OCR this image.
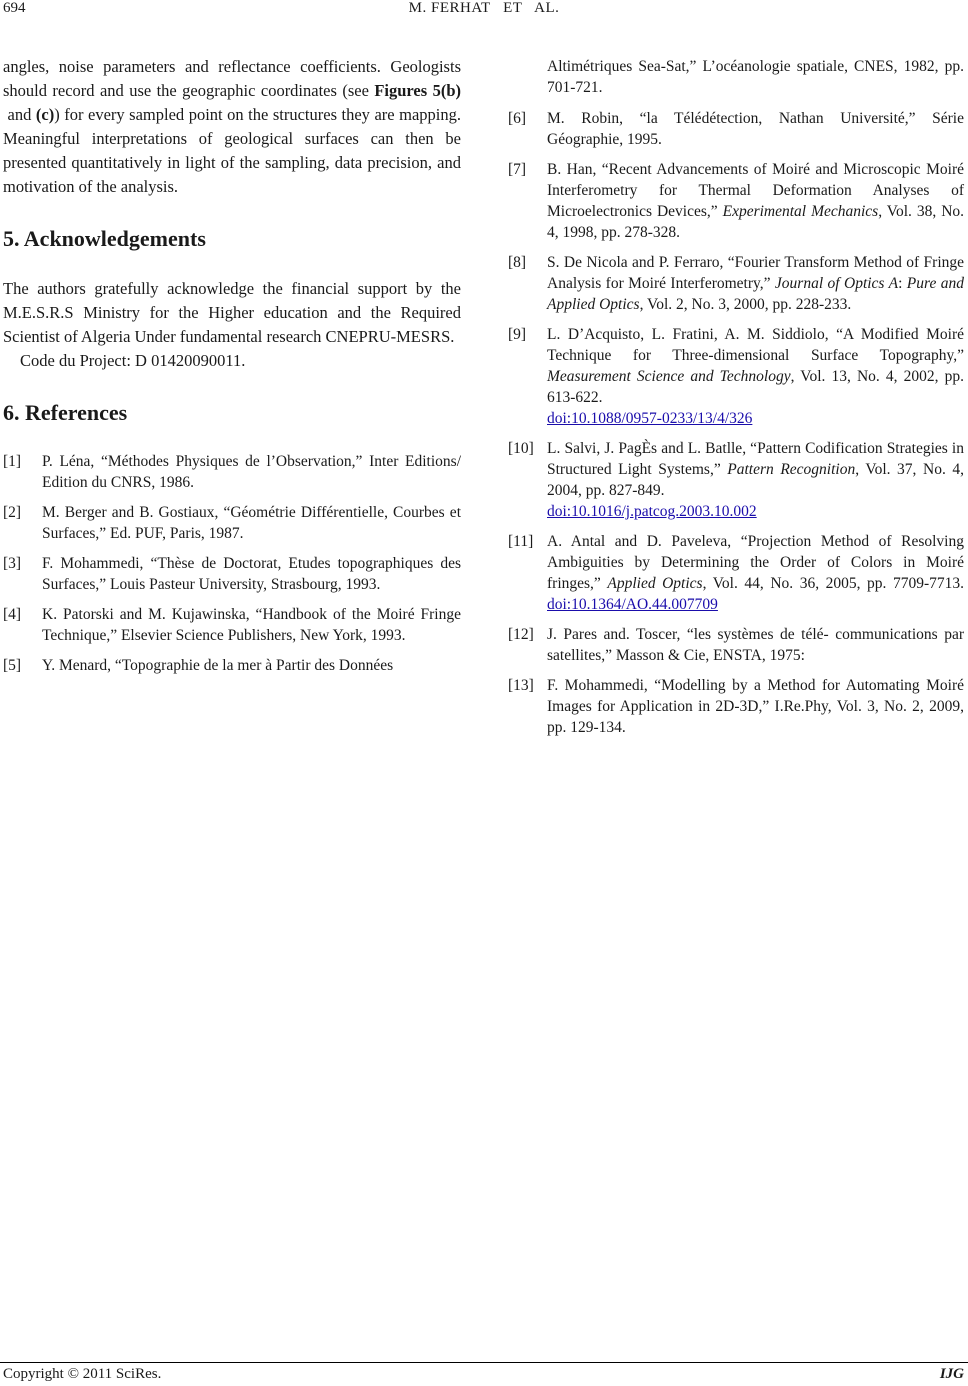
694	M. FERHAT   ET   AL.

angles, noise parameters and reflectance coefficients. Geologists should record and use the geographic coordinates (see Figures 5(b) and (c)) for every sampled point on the structures they are mapping. Meaningful interpretations of geological surfaces can then be presented quantitatively in light of the sampling, data precision, and motivation of the analysis.

5. Acknowledgements

The authors gratefully acknowledge the financial support by the M.E.S.R.S Ministry for the Higher education and the Required Scientist of Algeria Under fundamental research CNEPRU-MESRS.

Code du Project: D 01420090011.

6. References
[1]	P. Léna, “Méthodes Physiques de l’Observation,” Inter Editions/ Edition du CNRS, 1986.
[2]	M. Berger and B. Gostiaux, “Géométrie Différentielle, Courbes et Surfaces,” Ed. PUF, Paris, 1987.
[3]	F. Mohammedi, “Thèse de Doctorat, Etudes topographiques des Surfaces,” Louis Pasteur University, Strasbourg, 1993.
[4]	K. Patorski and M. Kujawinska, “Handbook of the Moiré Fringe Technique,” Elsevier Science Publishers, New York, 1993.
[5]	Y. Menard, “Topographie de la mer à Partir des Données
Altimétriques Sea-Sat,” L’océanologie spatiale, CNES, 1982, pp. 701-721.
[6]	M. Robin, “la Télédétection, Nathan Université,” Série Géographie, 1995.
[7]	B. Han, “Recent Advancements of Moiré and Microscopic Moiré Interferometry for Thermal Deformation Analyses of Microelectronics Devices,” Experimental Mechanics, Vol. 38, No. 4, 1998, pp. 278-328.
[8]	S. De Nicola and P. Ferraro, “Fourier Transform Method of Fringe Analysis for Moiré Interferometry,” Journal of Optics A: Pure and Applied Optics, Vol. 2, No. 3, 2000, pp. 228-233.
[9]	L. D’Acquisto, L. Fratini, A. M. Siddiolo, “A Modified Moiré Technique for Three-dimensional Surface Topography,” Measurement Science and Technology, Vol. 13, No. 4, 2002, pp. 613-622.
doi:10.1088/0957-0233/13/4/326
[10] L. Salvi, J. PagÈs and L. Batlle, “Pattern Codification Strategies in Structured Light Systems,” Pattern Recognition, Vol. 37, No. 4, 2004, pp. 827-849.
doi:10.1016/j.patcog.2003.10.002
[11] A. Antal and D. Paveleva, “Projection Method of Resolving Ambiguities by Determining the Order of Colors in Moiré fringes,” Applied Optics, Vol. 44, No. 36, 2005, pp. 7709-7713. doi:10.1364/AO.44.007709
[12] J. Pares and. Toscer, “les systèmes de télé- communications par satellites,” Masson & Cie, ENSTA, 1975:
[13] F. Mohammedi, “Modelling by a Method for Automating Moiré Images for Application in 2D-3D,” I.Re.Phy, Vol. 3, No. 2, 2009, pp. 129-134.
Copyright © 2011 SciRes.	IJG
